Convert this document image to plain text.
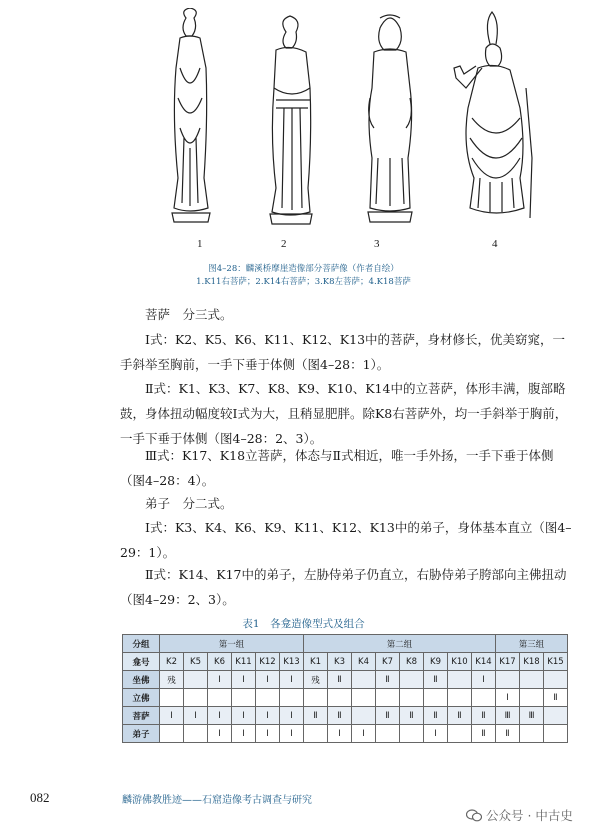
1	2	3	4
图4–28：麟溪桥摩崖造像部分菩萨像（作者自绘）
1.K11右菩萨；2.K14右菩萨；3.K8左菩萨；4.K18菩萨
菩萨　分三式。
Ⅰ式：K2、K5、K6、K11、K12、K13中的菩萨，身材修长，优美窈窕，一手斜举至胸前，一手下垂于体侧（图4–28：1）。
Ⅱ式：K1、K3、K7、K8、K9、K10、K14中的立菩萨，体形丰满，腹部略鼓，身体扭动幅度较Ⅰ式为大，且稍显肥胖。除K8右菩萨外，均一手斜举于胸前，一手下垂于体侧（图4–28：2、3）。
Ⅲ式：K17、K18立菩萨，体态与Ⅱ式相近，唯一手外扬，一手下垂于体侧（图4–28：4）。
弟子　分二式。
Ⅰ式：K3、K4、K6、K9、K11、K12、K13中的弟子，身体基本直立（图4–29：1）。
Ⅱ式：K14、K17中的弟子，左胁侍弟子仍直立，右胁侍弟子胯部向主佛扭动（图4–29：2、3）。
表1　各龛造像型式及组合
分组	第一组						第二组								第三组		
龛号	K2	K5	K6	K11	K12	K13	K1	K3	K4	K7	K8	K9	K10	K14	K17	K18	K15
坐佛	残		Ⅰ	Ⅰ	Ⅰ	Ⅰ	残	Ⅱ		Ⅱ		Ⅱ		Ⅰ			
立佛															Ⅰ		Ⅱ
菩萨	Ⅰ	Ⅰ	Ⅰ	Ⅰ	Ⅰ	Ⅰ	Ⅱ	Ⅱ		Ⅱ	Ⅱ	Ⅱ	Ⅱ	Ⅱ	Ⅲ	Ⅲ	
弟子			Ⅰ	Ⅰ	Ⅰ	Ⅰ		Ⅰ	Ⅰ			Ⅰ		Ⅱ	Ⅱ		
082	麟游佛教胜迹——石窟造像考古调查与研究
公众号 · 中古史
